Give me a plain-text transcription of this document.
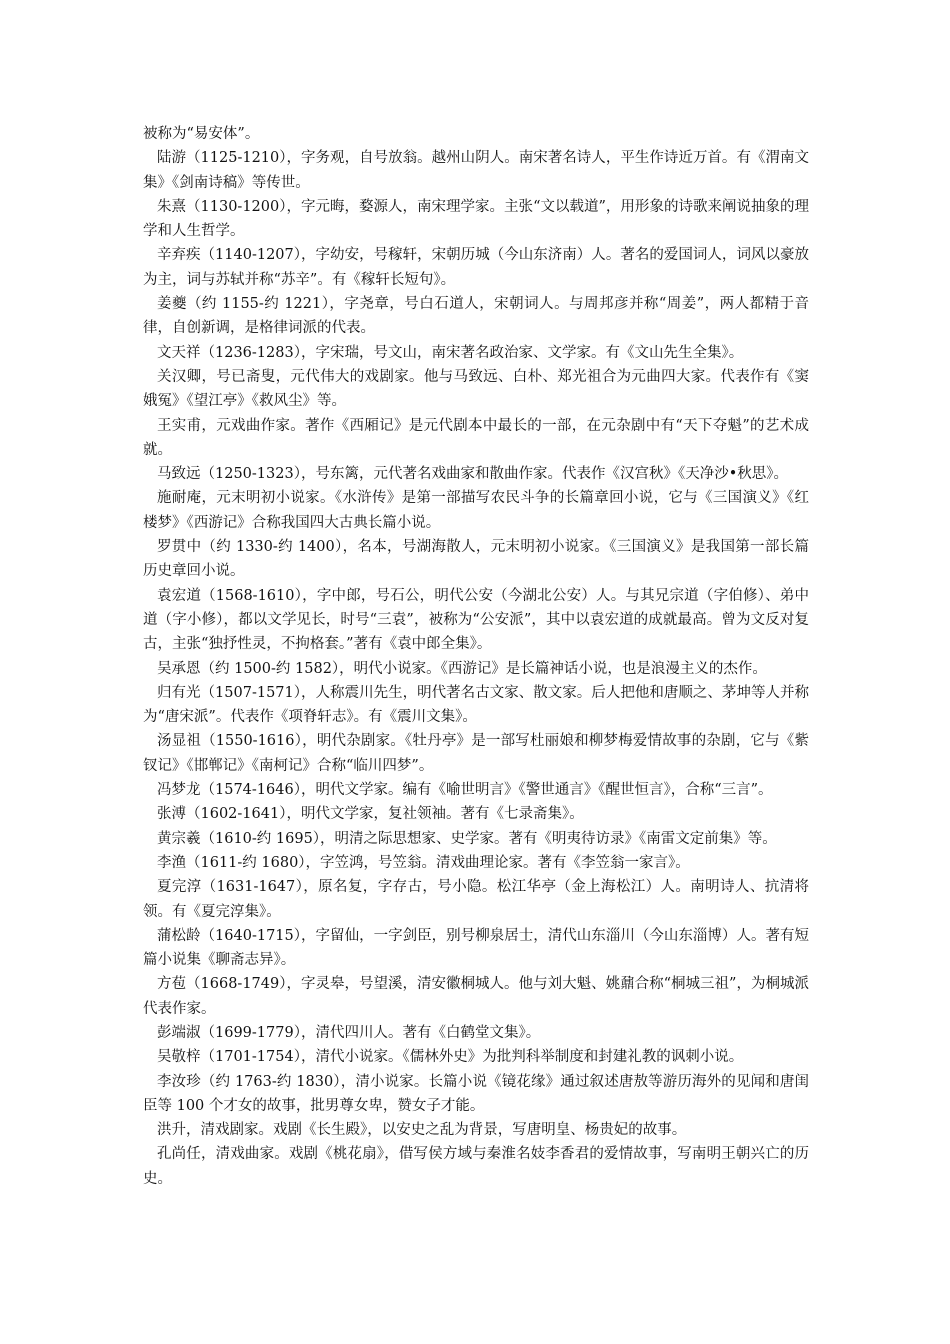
被称为“易安体”。

陆游（1125-1210），字务观，自号放翁。越州山阴人。南宋著名诗人，平生作诗近万首。有《渭南文集》《剑南诗稿》等传世。

朱熹（1130-1200），字元晦，婺源人，南宋理学家。主张“文以载道”，用形象的诗歌来阐说抽象的理学和人生哲学。

辛弃疾（1140-1207），字幼安，号稼轩，宋朝历城（今山东济南）人。著名的爱国词人，词风以豪放为主，词与苏轼并称“苏辛”。有《稼轩长短句》。

姜夔（约 1155-约 1221），字尧章，号白石道人，宋朝词人。与周邦彦并称“周姜”，两人都精于音律，自创新调，是格律词派的代表。

文天祥（1236-1283），字宋瑞，号文山，南宋著名政治家、文学家。有《文山先生全集》。

关汉卿，号已斋叟，元代伟大的戏剧家。他与马致远、白朴、郑光祖合为元曲四大家。代表作有《窦娥冤》《望江亭》《救风尘》等。

王实甫，元戏曲作家。著作《西厢记》是元代剧本中最长的一部，在元杂剧中有“天下夺魁”的艺术成就。

马致远（1250-1323），号东篱，元代著名戏曲家和散曲作家。代表作《汉宫秋》《天净沙•秋思》。

施耐庵，元末明初小说家。《水浒传》是第一部描写农民斗争的长篇章回小说，它与《三国演义》《红楼梦》《西游记》合称我国四大古典长篇小说。

罗贯中（约 1330-约 1400），名本，号湖海散人，元末明初小说家。《三国演义》是我国第一部长篇历史章回小说。

袁宏道（1568-1610），字中郎，号石公，明代公安（今湖北公安）人。与其兄宗道（字伯修）、弟中道（字小修），都以文学见长，时号“三袁”，被称为“公安派”，其中以袁宏道的成就最高。曾为文反对复古，主张“独抒性灵，不拘格套。”著有《袁中郎全集》。

吴承恩（约 1500-约 1582），明代小说家。《西游记》是长篇神话小说，也是浪漫主义的杰作。

归有光（1507-1571），人称震川先生，明代著名古文家、散文家。后人把他和唐顺之、茅坤等人并称为“唐宋派”。代表作《项脊轩志》。有《震川文集》。

汤显祖（1550-1616），明代杂剧家。《牡丹亭》是一部写杜丽娘和柳梦梅爱情故事的杂剧，它与《紫钗记》《邯郸记》《南柯记》合称“临川四梦”。

冯梦龙（1574-1646），明代文学家。编有《喻世明言》《警世通言》《醒世恒言》，合称“三言”。

张溥（1602-1641），明代文学家，复社领袖。著有《七录斋集》。

黄宗羲（1610-约 1695），明清之际思想家、史学家。著有《明夷待访录》《南雷文定前集》等。

李渔（1611-约 1680），字笠鸿，号笠翁。清戏曲理论家。著有《李笠翁一家言》。

夏完淳（1631-1647），原名复，字存古，号小隐。松江华亭（金上海松江）人。南明诗人、抗清将领。有《夏完淳集》。

蒲松龄（1640-1715），字留仙，一字剑臣，别号柳泉居士，清代山东淄川（今山东淄博）人。著有短篇小说集《聊斋志异》。

方苞（1668-1749），字灵皋，号望溪，清安徽桐城人。他与刘大魁、姚鼐合称“桐城三祖”，为桐城派代表作家。

彭端淑（1699-1779），清代四川人。著有《白鹤堂文集》。

吴敬梓（1701-1754），清代小说家。《儒林外史》为批判科举制度和封建礼教的讽刺小说。

李汝珍（约 1763-约 1830），清小说家。长篇小说《镜花缘》通过叙述唐敖等游历海外的见闻和唐闺臣等 100 个才女的故事，批男尊女卑，赞女子才能。

洪升，清戏剧家。戏剧《长生殿》，以安史之乱为背景，写唐明皇、杨贵妃的故事。

孔尚任，清戏曲家。戏剧《桃花扇》，借写侯方域与秦淮名妓李香君的爱情故事，写南明王朝兴亡的历史。
